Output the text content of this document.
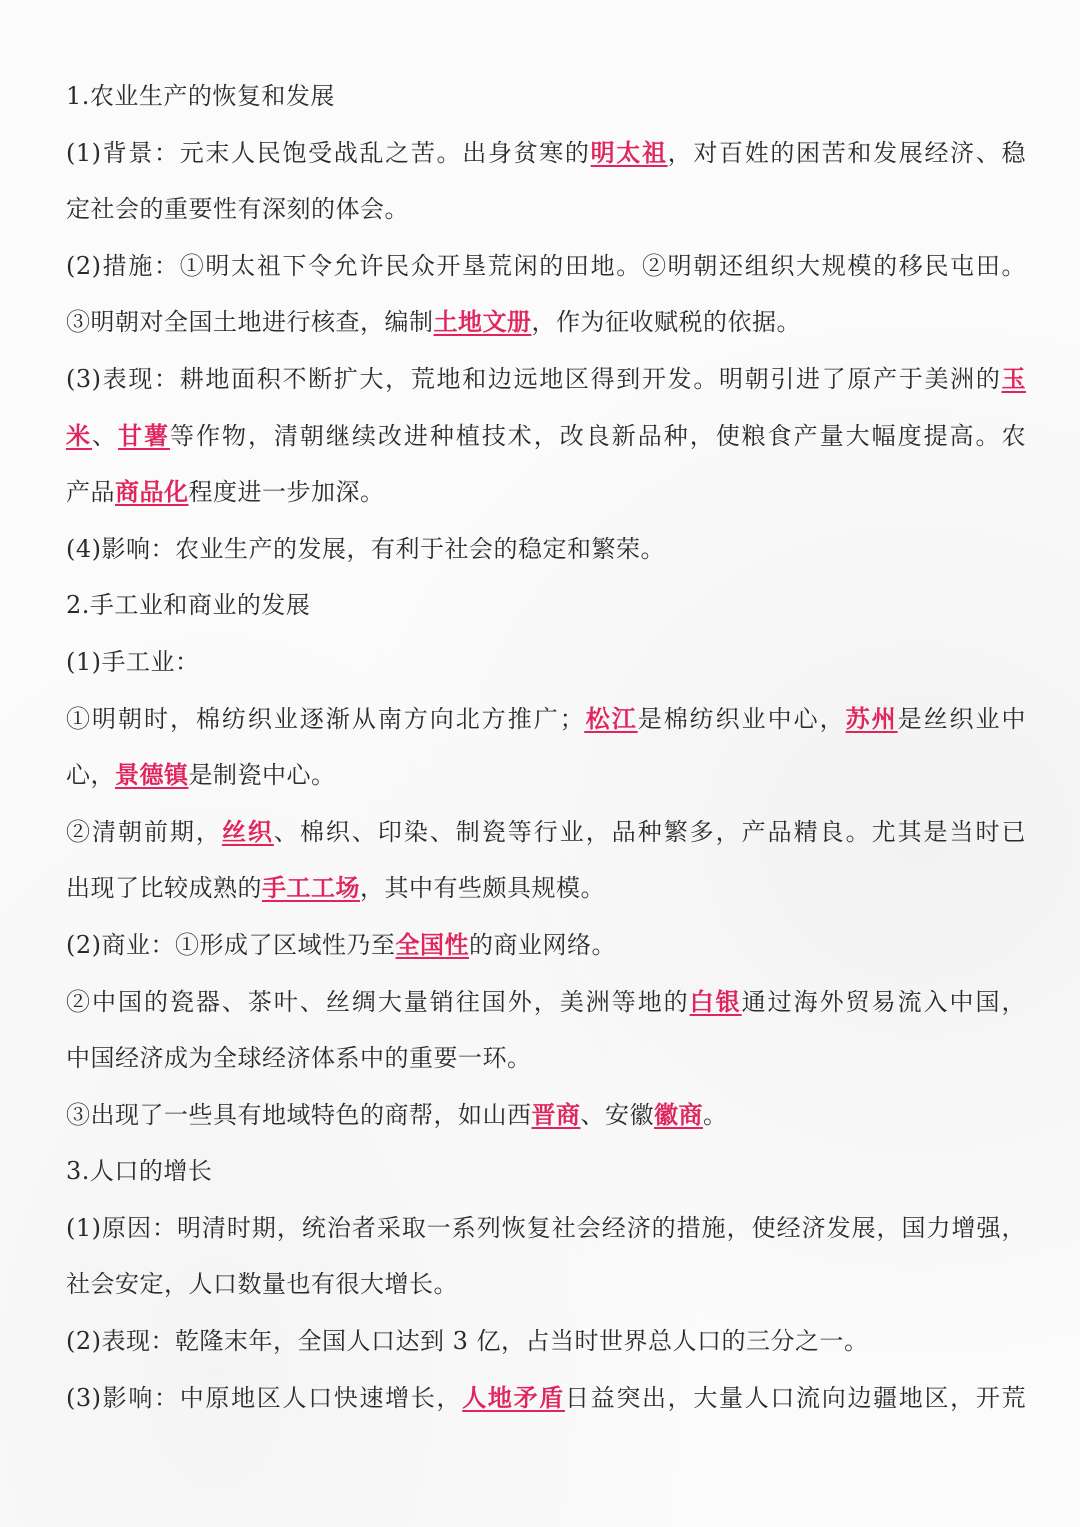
1.农业生产的恢复和发展
(1)背景：元末人民饱受战乱之苦。出身贫寒的明太祖，对百姓的困苦和发展经济、稳
定社会的重要性有深刻的体会。
(2)措施：①明太祖下令允许民众开垦荒闲的田地。②明朝还组织大规模的移民屯田。
③明朝对全国土地进行核查，编制土地文册，作为征收赋税的依据。
(3)表现：耕地面积不断扩大，荒地和边远地区得到开发。明朝引进了原产于美洲的玉
米、甘薯等作物，清朝继续改进种植技术，改良新品种，使粮食产量大幅度提高。农
产品商品化程度进一步加深。
(4)影响：农业生产的发展，有利于社会的稳定和繁荣。
2.手工业和商业的发展
(1)手工业：
①明朝时，棉纺织业逐渐从南方向北方推广；松江是棉纺织业中心，苏州是丝织业中
心，景德镇是制瓷中心。
②清朝前期，丝织、棉织、印染、制瓷等行业，品种繁多，产品精良。尤其是当时已
出现了比较成熟的手工工场，其中有些颇具规模。
(2)商业：①形成了区域性乃至全国性的商业网络。
②中国的瓷器、茶叶、丝绸大量销往国外，美洲等地的白银通过海外贸易流入中国，
中国经济成为全球经济体系中的重要一环。
③出现了一些具有地域特色的商帮，如山西晋商、安徽徽商。
3.人口的增长
(1)原因：明清时期，统治者采取一系列恢复社会经济的措施，使经济发展，国力增强，
社会安定，人口数量也有很大增长。
(2)表现：乾隆末年，全国人口达到 3 亿，占当时世界总人口的三分之一。
(3)影响：中原地区人口快速增长，人地矛盾日益突出，大量人口流向边疆地区，开荒
